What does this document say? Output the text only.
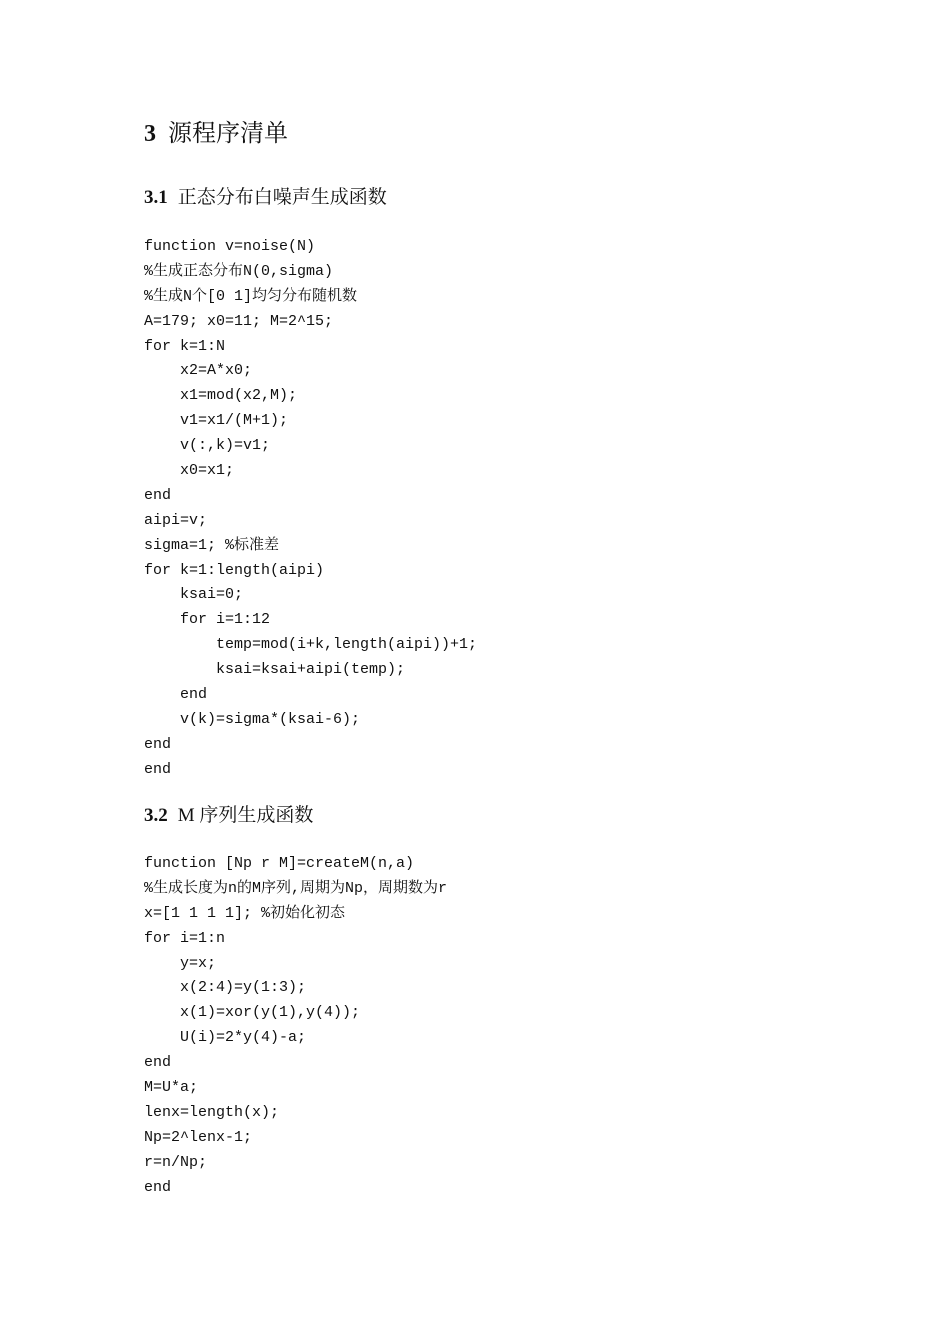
3 源程序清单
3.1 正态分布白噪声生成函数
function v=noise(N)
%生成正态分布N(0,sigma)
%生成N个[0 1]均匀分布随机数
A=179; x0=11; M=2^15;
for k=1:N
x2=A*x0;
x1=mod(x2,M);
v1=x1/(M+1);
v(:,k)=v1;
x0=x1;
end
aipi=v;
sigma=1; %标准差
for k=1:length(aipi)
ksai=0;
for i=1:12
temp=mod(i+k,length(aipi))+1;
ksai=ksai+aipi(temp);
end
v(k)=sigma*(ksai-6);
end
end
3.2 M 序列生成函数
function [Np r M]=createM(n,a)
%生成长度为n的M序列,周期为Np，周期数为r
x=[1 1 1 1]; %初始化初态
for i=1:n
y=x;
x(2:4)=y(1:3);
x(1)=xor(y(1),y(4));
U(i)=2*y(4)-a;
end
M=U*a;
lenx=length(x);
Np=2^lenx-1;
r=n/Np;
end
